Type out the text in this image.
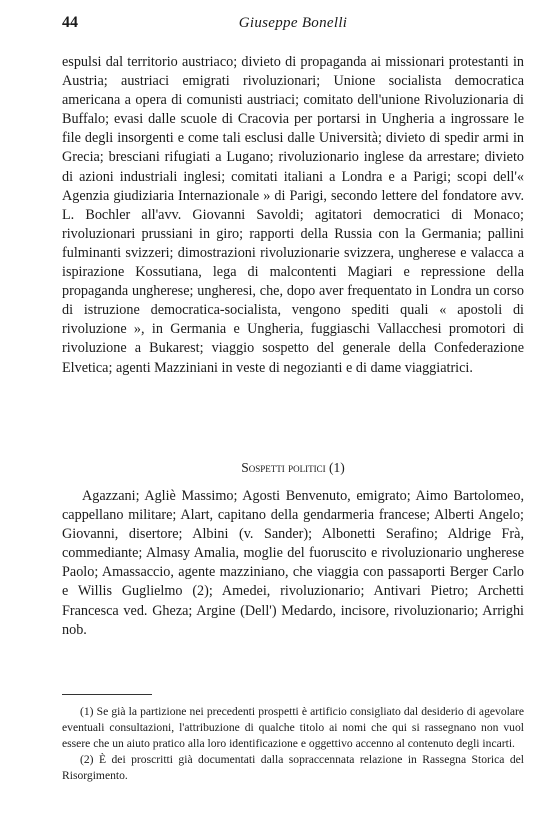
44	Giuseppe Bonelli

espulsi dal territorio austriaco; divieto di propaganda ai missionari protestanti in Austria; austriaci emigrati rivoluzionari; Unione socialista democratica americana a opera di comunisti austriaci; comitato dell'unione Rivoluzionaria di Buffalo; evasi dalle scuole di Cracovia per portarsi in Ungheria a ingrossare le file degli insorgenti e come tali esclusi dalle Università; divieto di spedir armi in Grecia; bresciani rifugiati a Lugano; rivoluzionario inglese da arrestare; divieto di azioni industriali inglesi; comitati italiani a Londra e a Parigi; scopi dell'« Agenzia giudiziaria Internazionale » di Parigi, secondo lettere del fondatore avv. L. Bochler all'avv. Giovanni Savoldi; agitatori democratici di Monaco; rivoluzionari prussiani in giro; rapporti della Russia con la Germania; pallini fulminanti svizzeri; dimostrazioni rivoluzionarie svizzera, ungherese e valacca a ispirazione Kossutiana, lega di malcontenti Magiari e repressione della propaganda ungherese; ungheresi, che, dopo aver frequentato in Londra un corso di istruzione democratica-socialista, vengono spediti quali « apostoli di rivoluzione », in Germania e Ungheria, fuggiaschi Vallacchesi promotori di rivoluzione a Bukarest; viaggio sospetto del generale della Confederazione Elvetica; agenti Mazziniani in veste di negozianti e di dame viaggiatrici.

Sospetti politici (1)

Agazzani; Agliè Massimo; Agosti Benvenuto, emigrato; Aimo Bartolomeo, cappellano militare; Alart, capitano della gendarmeria francese; Alberti Angelo; Giovanni, disertore; Albini (v. Sander); Albonetti Serafino; Aldrige Frà, commediante; Almasy Amalia, moglie del fuoruscito e rivoluzionario ungherese Paolo; Amassaccio, agente mazziniano, che viaggia con passaporti Berger Carlo e Willis Guglielmo (2); Amedei, rivoluzionario; Antivari Pietro; Archetti Francesca ved. Gheza; Argine (Dell') Medardo, incisore, rivoluzionario; Arrighi nob.

(1) Se già la partizione nei precedenti prospetti è artificio consigliato dal desiderio di agevolare eventuali consultazioni, l'attribuzione di qualche titolo ai nomi che qui si rassegnano non vuol essere che un aiuto pratico alla loro identificazione e oggettivo accenno al contenuto degli incarti.

(2) È dei proscritti già documentati dalla sopraccennata relazione in Rassegna Storica del Risorgimento.
